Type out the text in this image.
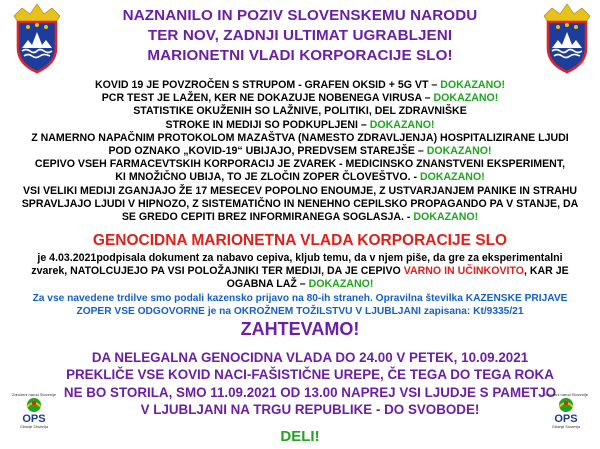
NAZNANILO IN POZIV SLOVENSKEMU NARODU
TER NOV, ZADNJI ULTIMAT UGRABLJENI
MARIONETNI VLADI KORPORACIJE SLO!
KOVID 19 JE POVZROČEN S STRUPOM - GRAFEN OKSID + 5G VT – DOKAZANO!
PCR TEST JE LAŽEN, KER NE DOKAZUJE NOBENEGA VIRUSA – DOKAZANO!
STATISTIKE OKUŽENIH SO LAŽNIVE, POLITIKI, DEL ZDRAVNIŠKE STROKE IN MEDIJI SO PODKUPLJENI – DOKAZANO!
Z NAMERNO NAPAČNIM PROTOKOLOM MAZAŠTVA (NAMESTO ZDRAVLJENJA) HOSPITALIZIRANE LJUDI POD OZNAKO „KOVID-19“ UBIJAJO, PREDVSEM STAREJŠE – DOKAZANO!
CEPIVO VSEH FARMACEVTSKIH KORPORACIJ JE ZVAREK - MEDICINSKO ZNANSTVENI EKSPERIMENT, KI MNOŽIČNO UBIJA, TO JE ZLOČIN ZOPER ČLOVEŠTVO. - DOKAZANO!
VSI VELIKI MEDIJI ZGANJAJO ŽE 17 MESECEV POPOLNO ENOUMJE, Z USTVARJANJEM PANIKE IN STRAHU SPRAVLJAJO LJUDI V HIPNOZO, Z SISTEMATIČNO IN NENEHNO CEPILSKO PROPAGANDO PA V STANJE, DA SE GREDO CEPITI BREZ INFORMIRANEGA SOGLASJA. - DOKAZANO!
GENOCIDNA MARIONETNA VLADA KORPORACIJE SLO
je 4.03.2021podpisala dokument za nabavo cepiva, kljub temu, da v njem piše, da gre za eksperimentalni zvarek, NATOLCUJEJO PA VSI POLOŽAJNIKI TER MEDIJI, DA JE CEPIVO VARNO IN UČINKOVITO, KAR JE OGABNA LAŽ – DOKAZANO!
Za vse navedene trdilve smo podali kazensko prijavo na 80-ih straneh. Opravilna številka KAZENSKE PRIJAVE ZOPER VSE ODGOVORNE je na OKROŽNEM TOŽILSTVU V LJUBLJANI zapisana: Kt/9335/21
ZAHTEVAMO!
DA NELEGALNA GENOCIDNA VLADA DO 24.00 V PETEK, 10.09.2021
PREKLIČE VSE KOVID NACI-FAŠISTIČNE UREPE, ČE TEGA DO TEGA ROKA
NE BO STORILA, SMO 11.09.2021 OD 13.00 NAPREJ VSI LJUDJE S PAMETJO
V LJUBLJANI NA TRGU REPUBLIKE - DO SVOBODE!
Združeni narod Slovenije
OPS
Gibanje Slovenija
Združeni narod Slovenije
OPS
Gibanje Slovenija
DELI!
